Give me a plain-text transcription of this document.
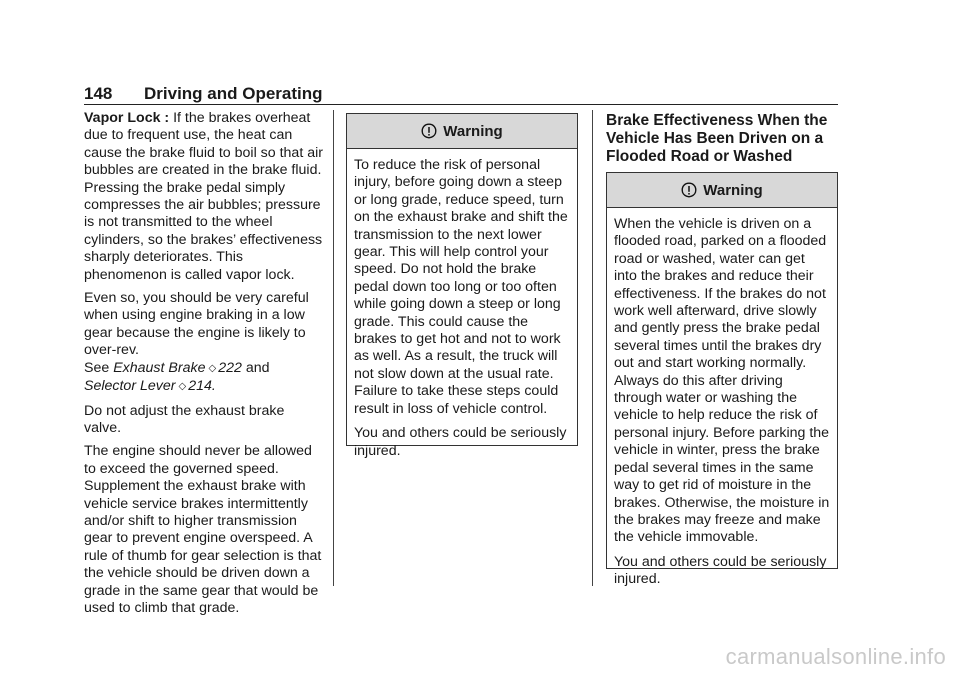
148 Driving and Operating

Vapor Lock : If the brakes overheat due to frequent use, the heat can cause the brake fluid to boil so that air bubbles are created in the brake fluid. Pressing the brake pedal simply compresses the air bubbles; pressure is not transmitted to the wheel cylinders, so the brakes’ effectiveness sharply deteriorates. This phenomenon is called vapor lock.

Even so, you should be very careful when using engine braking in a low gear because the engine is likely to over-rev.
See Exhaust Brake ◇ 222 and
Selector Lever ◇ 214.

Do not adjust the exhaust brake valve.

The engine should never be allowed to exceed the governed speed. Supplement the exhaust brake with vehicle service brakes intermittently and/or shift to higher transmission gear to prevent engine overspeed. A rule of thumb for gear selection is that the vehicle should be driven down a grade in the same gear that would be used to climb that grade.

Warning

To reduce the risk of personal injury, before going down a steep or long grade, reduce speed, turn on the exhaust brake and shift the transmission to the next lower gear. This will help control your speed. Do not hold the brake pedal down too long or too often while going down a steep or long grade. This could cause the brakes to get hot and not to work as well. As a result, the truck will not slow down at the usual rate. Failure to take these steps could result in loss of vehicle control.

You and others could be seriously injured.

Brake Effectiveness When the Vehicle Has Been Driven on a Flooded Road or Washed
Warning

When the vehicle is driven on a flooded road, parked on a flooded road or washed, water can get into the brakes and reduce their effectiveness. If the brakes do not work well afterward, drive slowly and gently press the brake pedal several times until the brakes dry out and start working normally. Always do this after driving through water or washing the vehicle to help reduce the risk of personal injury. Before parking the vehicle in winter, press the brake pedal several times in the same way to get rid of moisture in the brakes. Otherwise, the moisture in the brakes may freeze and make the vehicle immovable.

You and others could be seriously injured.

carmanualsonline.info
